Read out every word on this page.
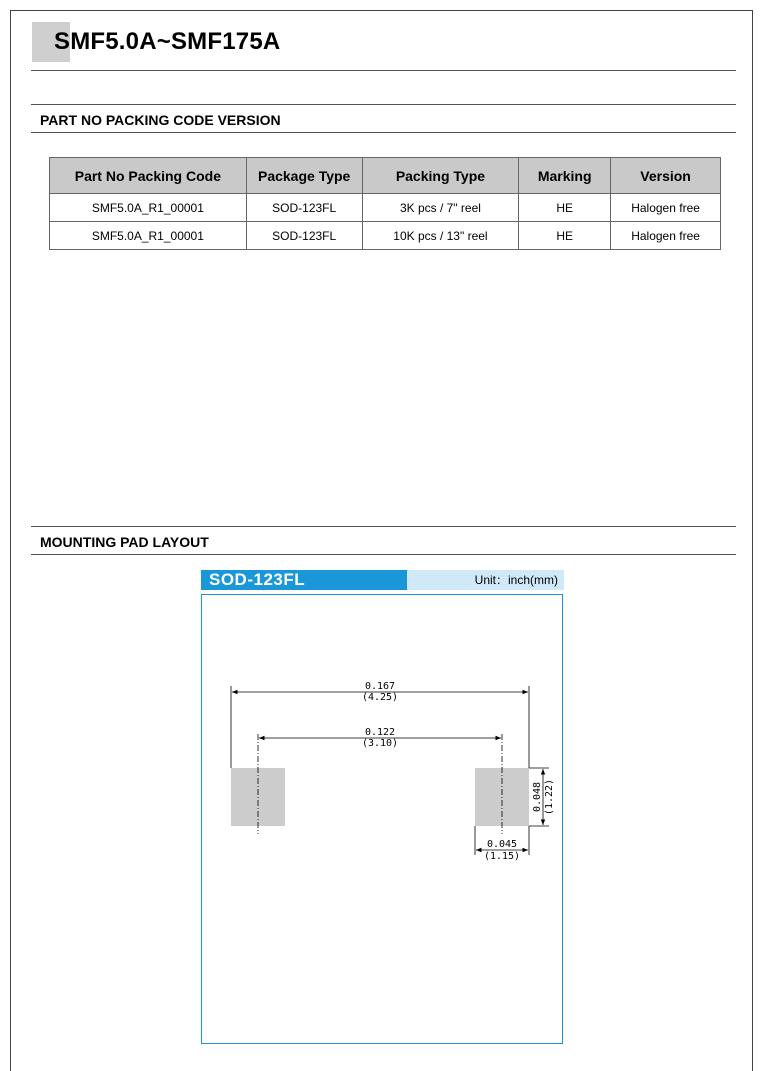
SMF5.0A~SMF175A
PART NO PACKING CODE VERSION
Part No Packing Code	Package Type	Packing Type	Marking	Version
SMF5.0A_R1_00001	SOD-123FL	3K pcs / 7" reel	HE	Halogen free
SMF5.0A_R1_00001	SOD-123FL	10K pcs / 13" reel	HE	Halogen free
MOUNTING PAD LAYOUT
SOD-123FL	Unit：inch(mm)
0.167
(4.25)
0.122
(3.10)
0.048 (1.22)
0.045
(1.15)
